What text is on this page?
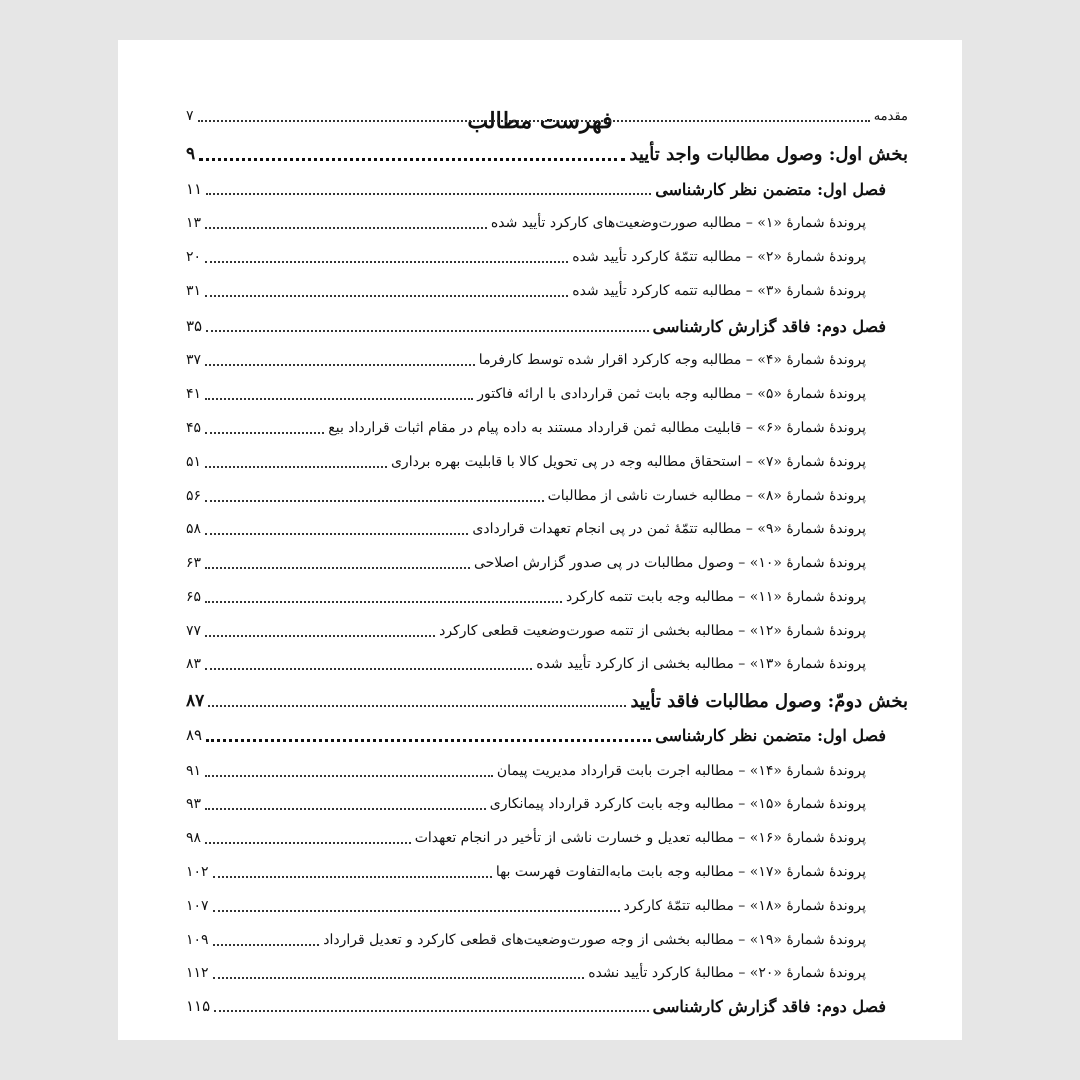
فهرست مطالب	مقدمه
۷
بخش اول: وصول مطالبات واجد تأیید
۹
فصل اول: متضمن نظر کارشناسی
۱۱
پروندهٔ شمارهٔ «۱» – مطالبه صورت‌وضعیت‌های کارکرد تأیید شده
۱۳
پروندهٔ شمارهٔ «۲» – مطالبه تتمّهٔ کارکرد تأیید شده
۲۰
پروندهٔ شمارهٔ «۳» – مطالبه تتمه کارکرد تأیید شده
۳۱
فصل دوم: فاقد گزارش کارشناسی
۳۵
پروندهٔ شمارهٔ «۴» – مطالبه وجه کارکرد اقرار شده توسط کارفرما
۳۷
پروندهٔ شمارهٔ «۵» – مطالبه وجه بابت ثمن قراردادی با ارائه فاکتور
۴۱
پروندهٔ شمارهٔ «۶» – قابلیت مطالبه ثمن قرارداد مستند به داده پیام در مقام اثبات قرارداد بیع
۴۵
پروندهٔ شمارهٔ «۷» – استحقاق مطالبه وجه در پی تحویل کالا با قابلیت بهره برداری
۵۱
پروندهٔ شمارهٔ «۸» – مطالبه خسارت ناشی از مطالبات
۵۶
پروندهٔ شمارهٔ «۹» – مطالبه تتمّهٔ ثمن در پی انجام تعهدات قراردادی
۵۸
پروندهٔ شمارهٔ «۱۰» – وصول مطالبات در پی صدور گزارش اصلاحی
۶۳
پروندهٔ شمارهٔ «۱۱» – مطالبه وجه بابت تتمه کارکرد
۶۵
پروندهٔ شمارهٔ «۱۲» – مطالبه بخشی از تتمه صورت‌وضعیت قطعی کارکرد
۷۷
پروندهٔ شمارهٔ «۱۳» – مطالبه بخشی از کارکرد تأیید شده
۸۳
بخش دومّ: وصول مطالبات فاقد تأیید
۸۷
فصل اول: متضمن نظر کارشناسی
۸۹
پروندهٔ شمارهٔ «۱۴» – مطالبه اجرت بابت قرارداد مدیریت پیمان
۹۱
پروندهٔ شمارهٔ «۱۵» – مطالبه وجه بابت کارکرد قرارداد پیمانکاری
۹۳
پروندهٔ شمارهٔ «۱۶» – مطالبه تعدیل و خسارت ناشی از تأخیر در انجام تعهدات
۹۸
پروندهٔ شمارهٔ «۱۷» – مطالبه وجه بابت مابه‌التفاوت فهرست بها
۱۰۲
پروندهٔ شمارهٔ «۱۸» – مطالبه تتمّهٔ کارکرد
۱۰۷
پروندهٔ شمارهٔ «۱۹» – مطالبه بخشی از وجه صورت‌وضعیت‌های قطعی کارکرد و تعدیل قرارداد
۱۰۹
پروندهٔ شمارهٔ «۲۰» – مطالبهٔ کارکرد تأیید نشده
۱۱۲
فصل دوم: فاقد گزارش کارشناسی
۱۱۵
